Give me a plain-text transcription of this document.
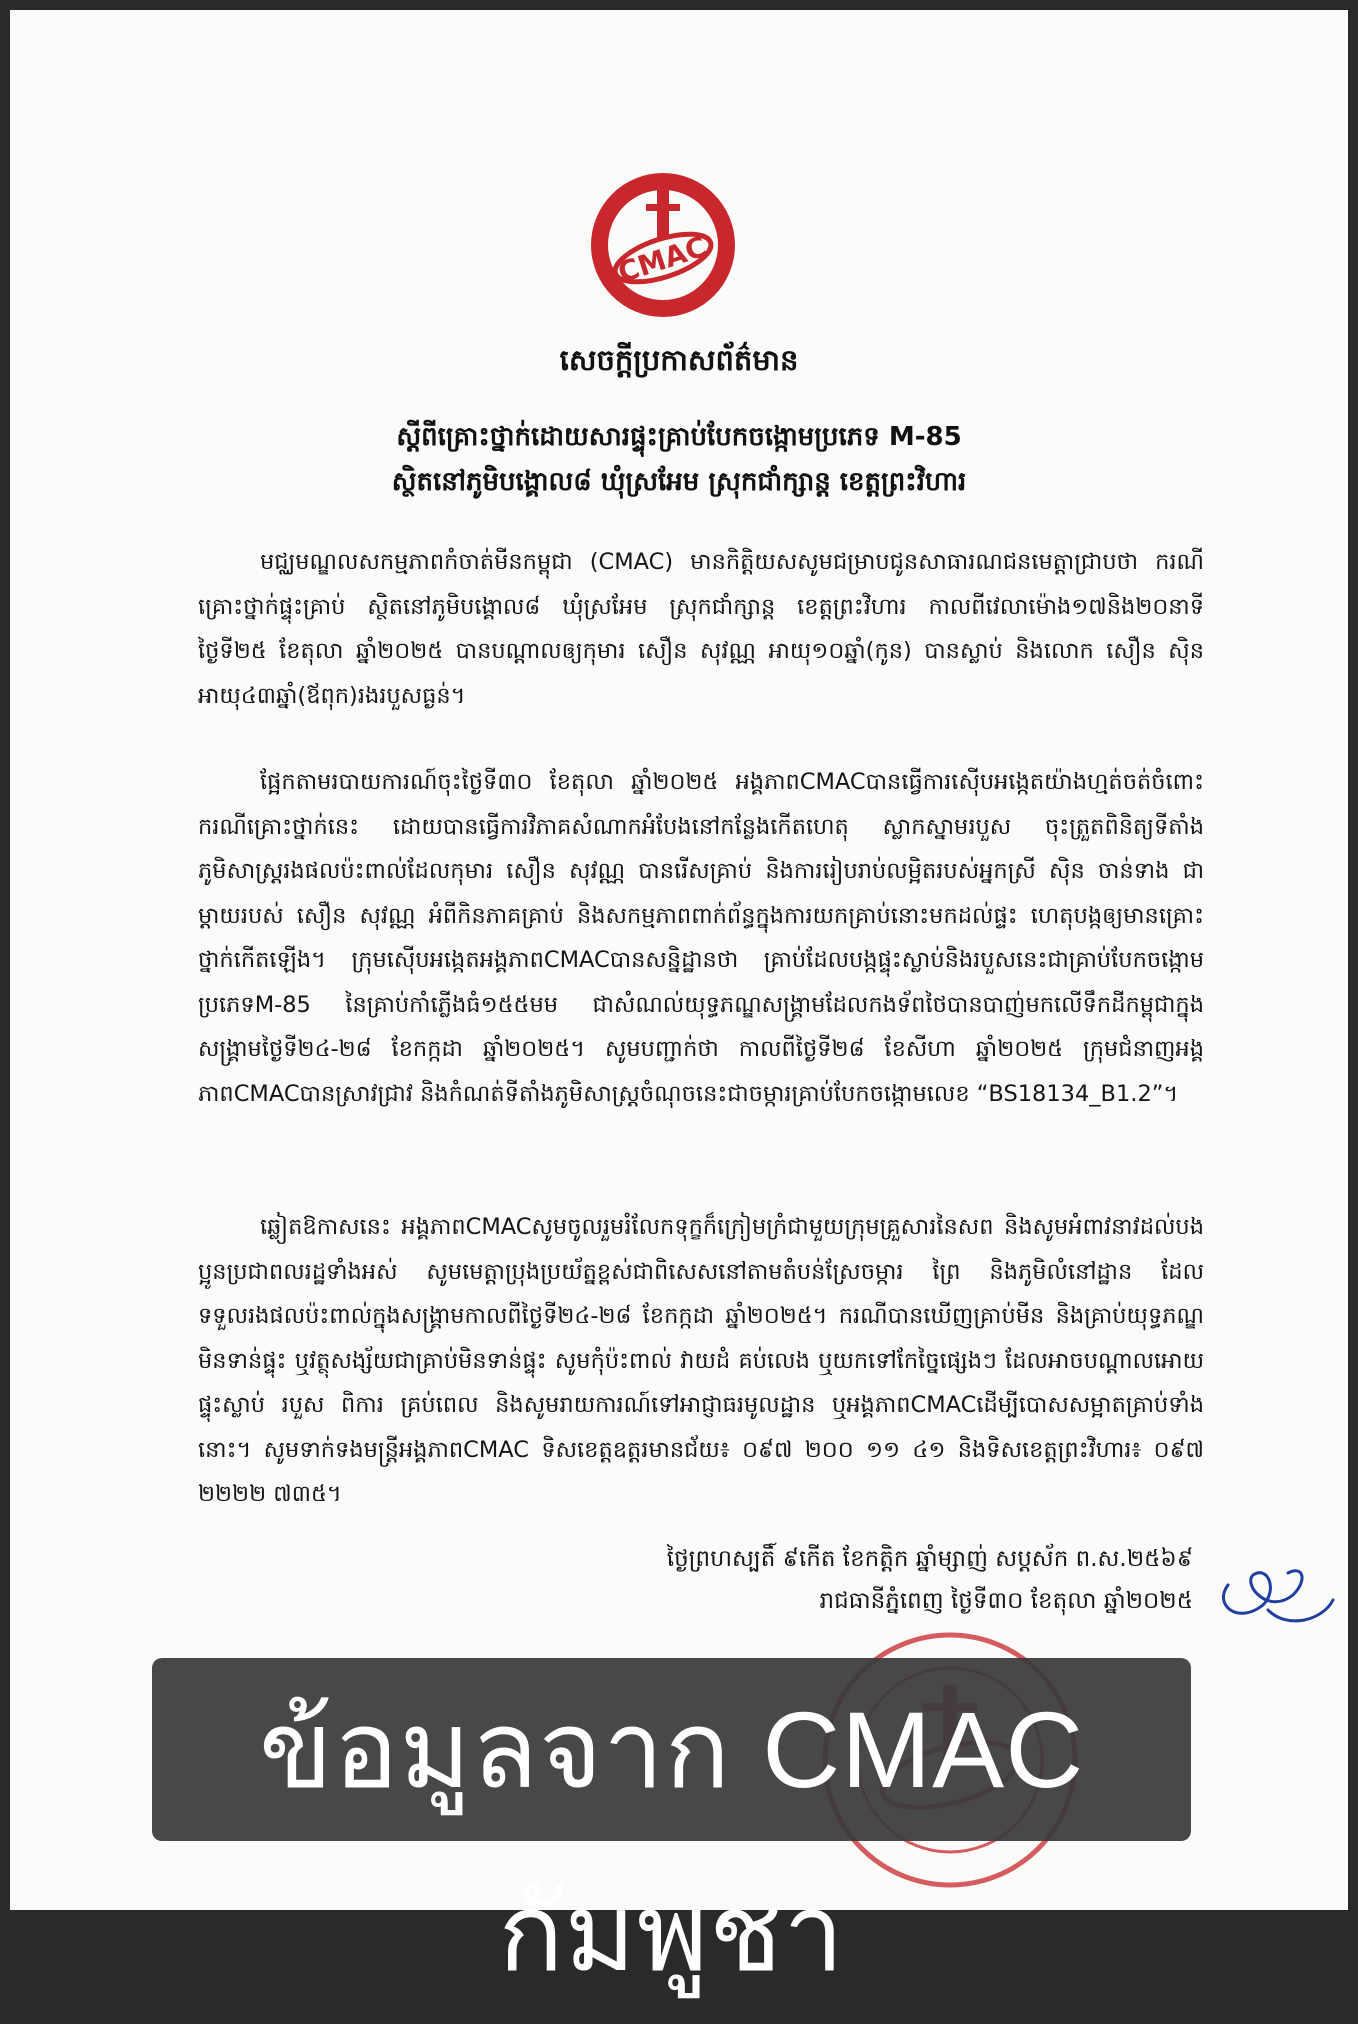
CMAC
សេចក្តីប្រកាសព័ត៌មាន
ស្តីពីគ្រោះថ្នាក់ដោយសារផ្ទុះគ្រាប់បែកចង្កោមប្រភេទ M-85
ស្ថិតនៅភូមិបង្គោល៨ ឃុំស្រអែម ស្រុកជាំក្សាន្ត ខេត្តព្រះវិហារ

មជ្ឈមណ្ឌលសកម្មភាពកំចាត់មីនកម្ពុជា (CMAC) មានកិត្តិយសសូមជម្រាបជូនសាធារណជនមេត្តាជ្រាបថា ករណីគ្រោះថ្នាក់ផ្ទុះគ្រាប់ ស្ថិតនៅភូមិបង្គោល៨ ឃុំស្រអែម ស្រុកជាំក្សាន្ត ខេត្តព្រះវិហារ កាលពីវេលាម៉ោង១៧និង២០នាទី ថ្ងៃទី២៥ ខែតុលា ឆ្នាំ២០២៥ បានបណ្តាលឲ្យកុមារ សឿន សុវណ្ណ អាយុ១០ឆ្នាំ(កូន) បានស្លាប់ និងលោក សឿន ស៊ិន អាយុ៤៣ឆ្នាំ(ឪពុក)រងរបួសធ្ងន់។

ផ្អែកតាមរបាយការណ៍ចុះថ្ងៃទី៣០ ខែតុលា ឆ្នាំ២០២៥ អង្គភាពCMACបានធ្វើការស៊ើបអង្កេតយ៉ាងហ្មត់ចត់ចំពោះករណីគ្រោះថ្នាក់នេះ ដោយបានធ្វើការវិភាគសំណាកអំបែងនៅកន្លែងកើតហេតុ ស្លាកស្នាមរបួស ចុះត្រួតពិនិត្យទីតាំងភូមិសាស្ត្ររងផលប៉ះពាល់ដែលកុមារ សឿន សុវណ្ណ បានរើសគ្រាប់ និងការរៀបរាប់លម្អិតរបស់អ្នកស្រី ស៊ិន ចាន់ទាង ជាម្តាយរបស់ សឿន សុវណ្ណ អំពីកិនភាគគ្រាប់ និងសកម្មភាពពាក់ព័ន្ធក្នុងការយកគ្រាប់នោះមកដល់ផ្ទះ ហេតុបង្កឲ្យមានគ្រោះថ្នាក់កើតឡើង។ ក្រុមស៊ើបអង្កេតអង្គភាពCMACបានសន្និដ្ឋានថា គ្រាប់ដែលបង្កផ្ទុះស្លាប់និងរបួសនេះជាគ្រាប់បែកចង្កោមប្រភេទM-85 នៃគ្រាប់កាំភ្លើងធំ១៥៥មម ជាសំណល់យុទ្ធភណ្ឌសង្គ្រាមដែលកងទ័ពថៃបានបាញ់មកលើទឹកដីកម្ពុជាក្នុងសង្គ្រាមថ្ងៃទី២៤-២៨ ខែកក្កដា ឆ្នាំ២០២៥។ សូមបញ្ជាក់ថា កាលពីថ្ងៃទី២៨ ខែសីហា ឆ្នាំ២០២៥ ក្រុមជំនាញអង្គភាពCMACបានស្រាវជ្រាវ និងកំណត់ទីតាំងភូមិសាស្ត្រចំណុចនេះជាចម្ការគ្រាប់បែកចង្កោមលេខ “BS18134_B1.2”។

ឆ្លៀតឱកាសនេះ អង្គភាពCMACសូមចូលរួមរំលែកទុក្ខក៏ក្រៀមក្រំជាមួយក្រុមគ្រួសារនៃសព និងសូមអំពាវនាវដល់បងប្អូនប្រជាពលរដ្ឋទាំងអស់ សូមមេត្តាប្រុងប្រយ័ត្នខ្ពស់ជាពិសេសនៅតាមតំបន់ស្រែចម្ការ ព្រៃ និងភូមិលំនៅដ្ឋាន ដែលទទួលរងផលប៉ះពាល់ក្នុងសង្គ្រាមកាលពីថ្ងៃទី២៤-២៨ ខែកក្កដា ឆ្នាំ២០២៥។ ករណីបានឃើញគ្រាប់មីន និងគ្រាប់យុទ្ធភណ្ឌមិនទាន់ផ្ទុះ ឬវត្ថុសង្ស័យជាគ្រាប់មិនទាន់ផ្ទុះ សូមកុំប៉ះពាល់ វាយដំ គប់លេង ឬយកទៅកែច្នៃផ្សេងៗ ដែលអាចបណ្តាលអោយផ្ទុះស្លាប់ របួស ពិការ គ្រប់ពេល និងសូមរាយការណ៍ទៅអាជ្ញាធរមូលដ្ឋាន ឬអង្គភាពCMACដើម្បីបោសសម្អាតគ្រាប់ទាំងនោះ។ សូមទាក់ទងមន្ត្រីអង្គភាពCMAC ទិសខេត្តឧត្តរមានជ័យ៖ ០៩៧ ២០០ ១១ ៤១ និងទិសខេត្តព្រះវិហារ៖ ០៩៧ ២២២២ ៧៣៥។

ថ្ងៃព្រហស្បតិ៍ ៩កើត ខែកត្តិក ឆ្នាំម្សាញ់ សប្តស័ក ព.ស.២៥៦៩
រាជធានីភ្នំពេញ ថ្ងៃទី៣០ ខែតុលា ឆ្នាំ២០២៥
ข้อมูลจาก CMAC กัมพูชา
